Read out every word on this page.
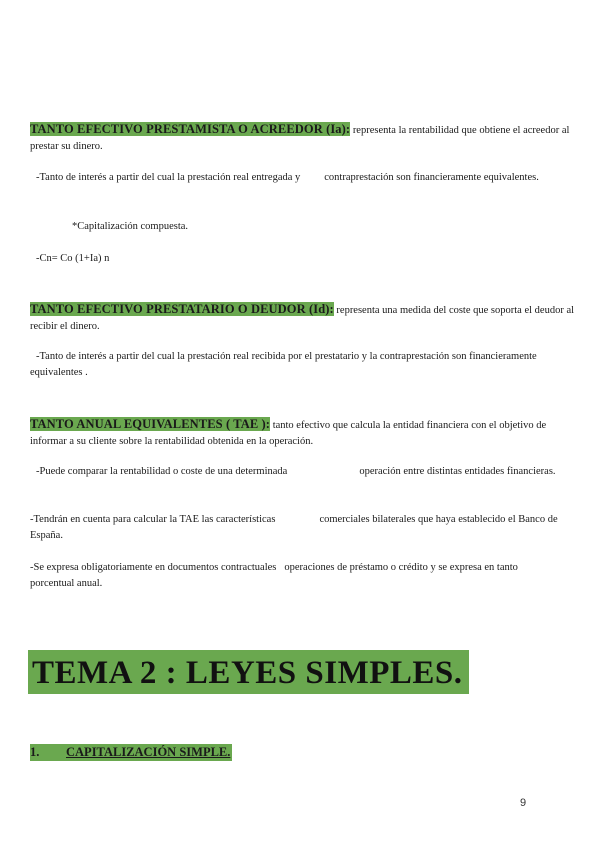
TANTO EFECTIVO PRESTAMISTA O ACREEDOR (Ia): representa la rentabilidad que obtiene el acreedor al prestar su dinero.

-Tanto de interés a partir del cual la prestación real entregada y contraprestación son financieramente equivalentes.

*Capitalización compuesta.

-Cn= Co (1+Ia) n

TANTO EFECTIVO PRESTATARIO O DEUDOR (Id): representa una medida del coste que soporta el deudor al recibir el dinero.

-Tanto de interés a partir del cual la prestación real recibida por el prestatario y la contraprestación son financieramente equivalentes .

TANTO ANUAL EQUIVALENTES ( TAE ): tanto efectivo que calcula la entidad financiera con el objetivo de informar a su cliente sobre la rentabilidad obtenida en la operación.

-Puede comparar la rentabilidad o coste de una determinada	operación entre distintas entidades financieras.

-Tendrán en cuenta para calcular la TAE las características	comerciales bilaterales que haya establecido el Banco de España.

-Se expresa obligatoriamente en documentos contractuales operaciones de préstamo o crédito y se expresa en tantoporcentual anual.

TEMA 2 : LEYES SIMPLES.
1. CAPITALIZACIÓN SIMPLE.
9
